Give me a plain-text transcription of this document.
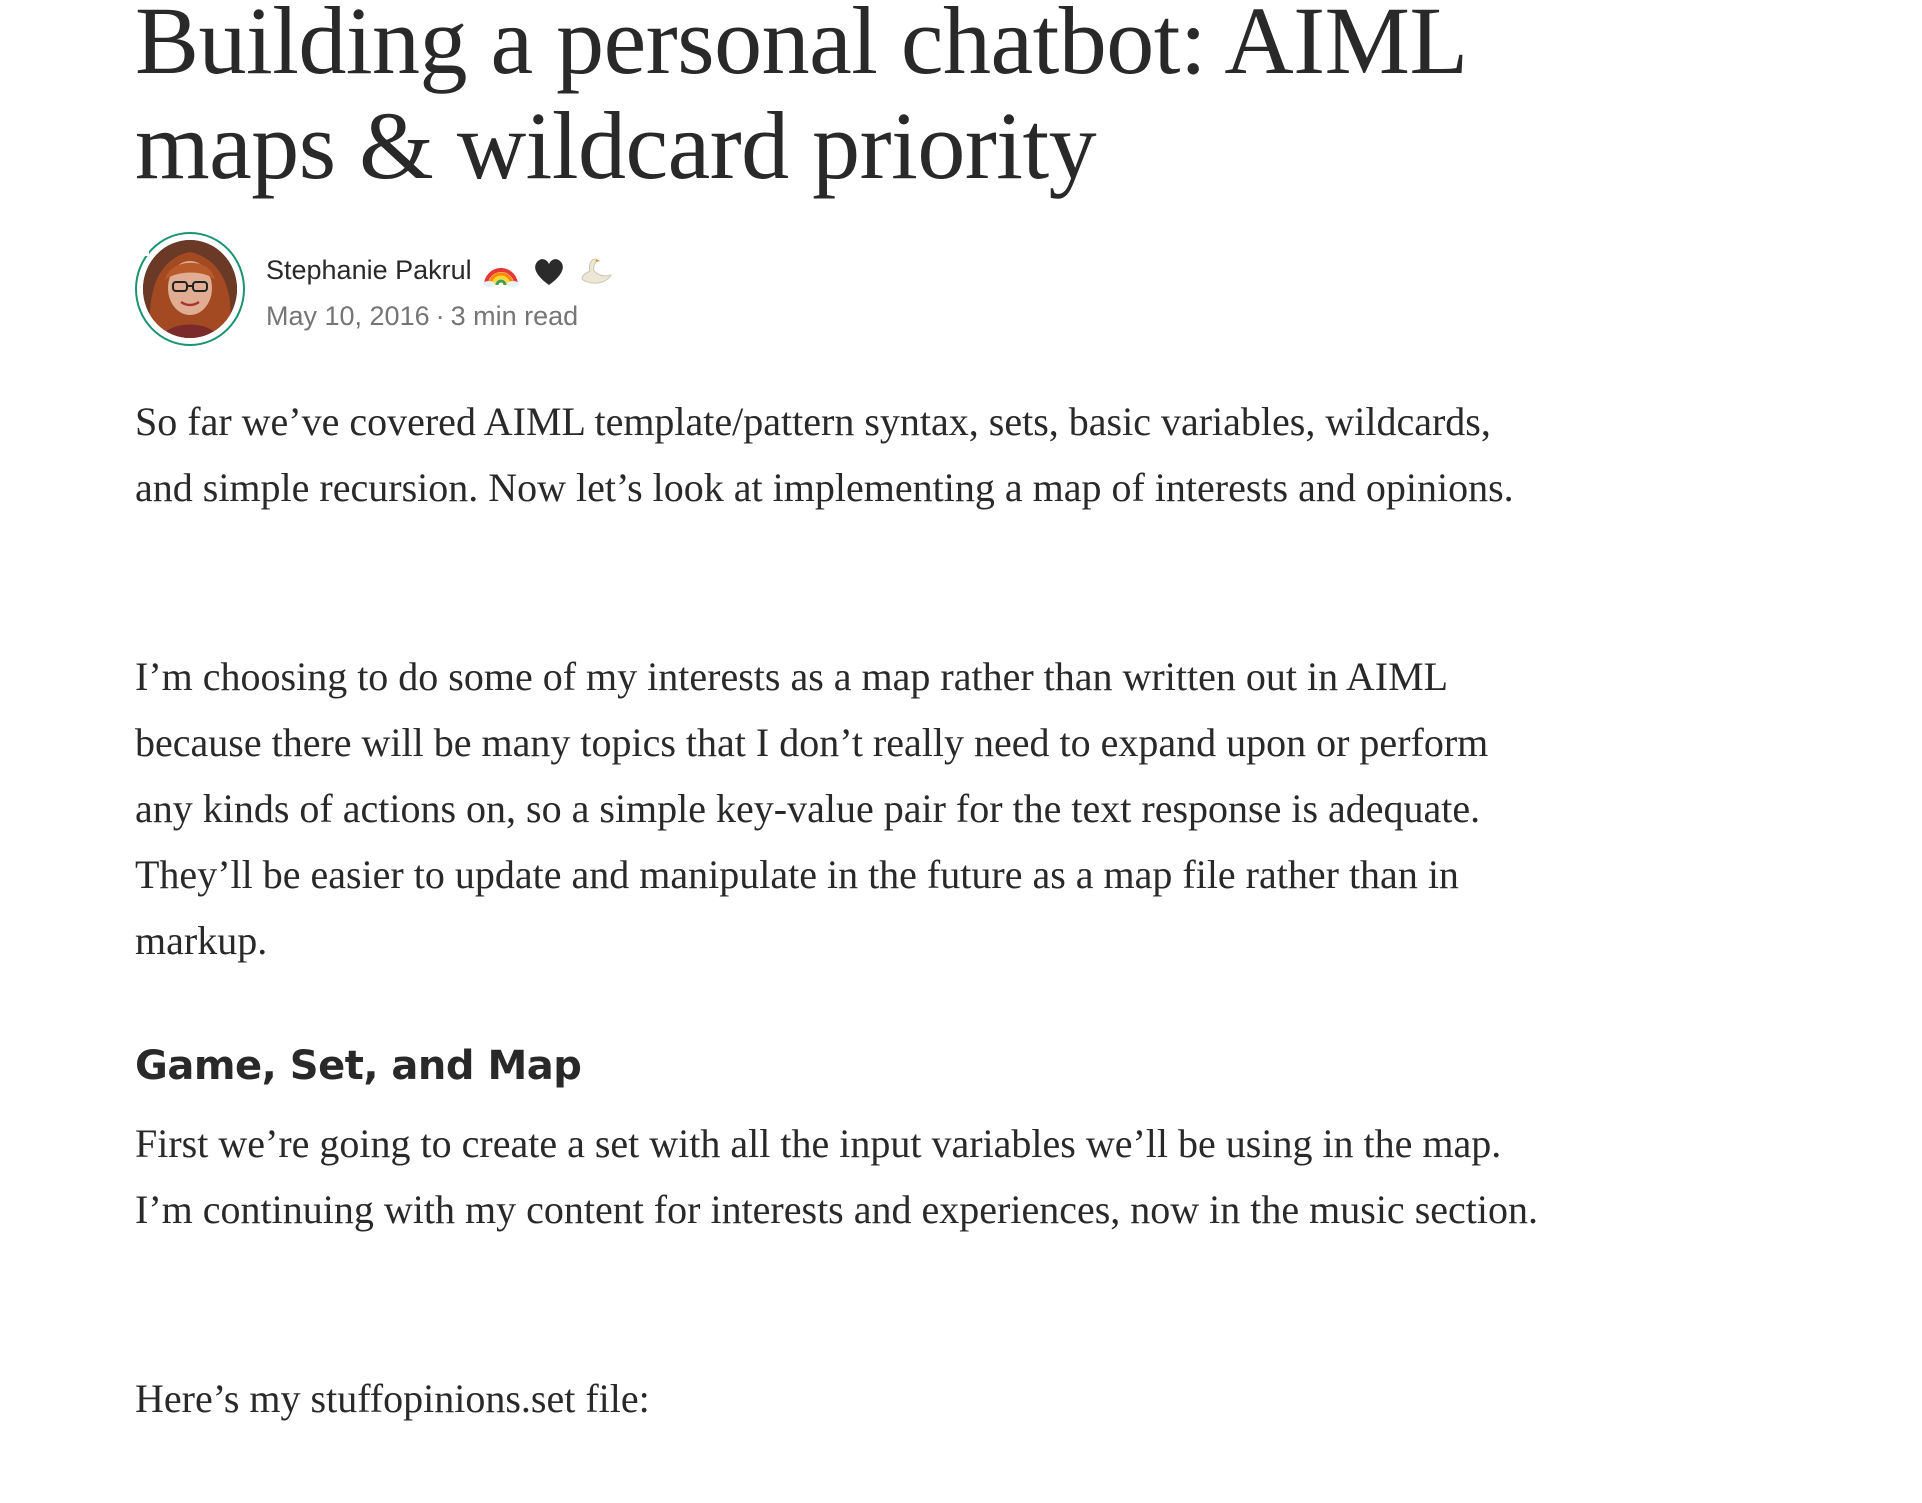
Building a personal chatbot: AIML maps & wildcard priority
Stephanie Pakrul
May 10, 2016 · 3 min read

So far we’ve covered AIML template/pattern syntax, sets, basic variables, wildcards, and simple recursion. Now let’s look at implementing a map of interests and opinions.

I’m choosing to do some of my interests as a map rather than written out in AIML because there will be many topics that I don’t really need to expand upon or perform any kinds of actions on, so a simple key-value pair for the text response is adequate. They’ll be easier to update and manipulate in the future as a map file rather than in markup.

Game, Set, and Map

First we’re going to create a set with all the input variables we’ll be using in the map. I’m continuing with my content for interests and experiences, now in the music section.

Here’s my stuffopinions.set file:
